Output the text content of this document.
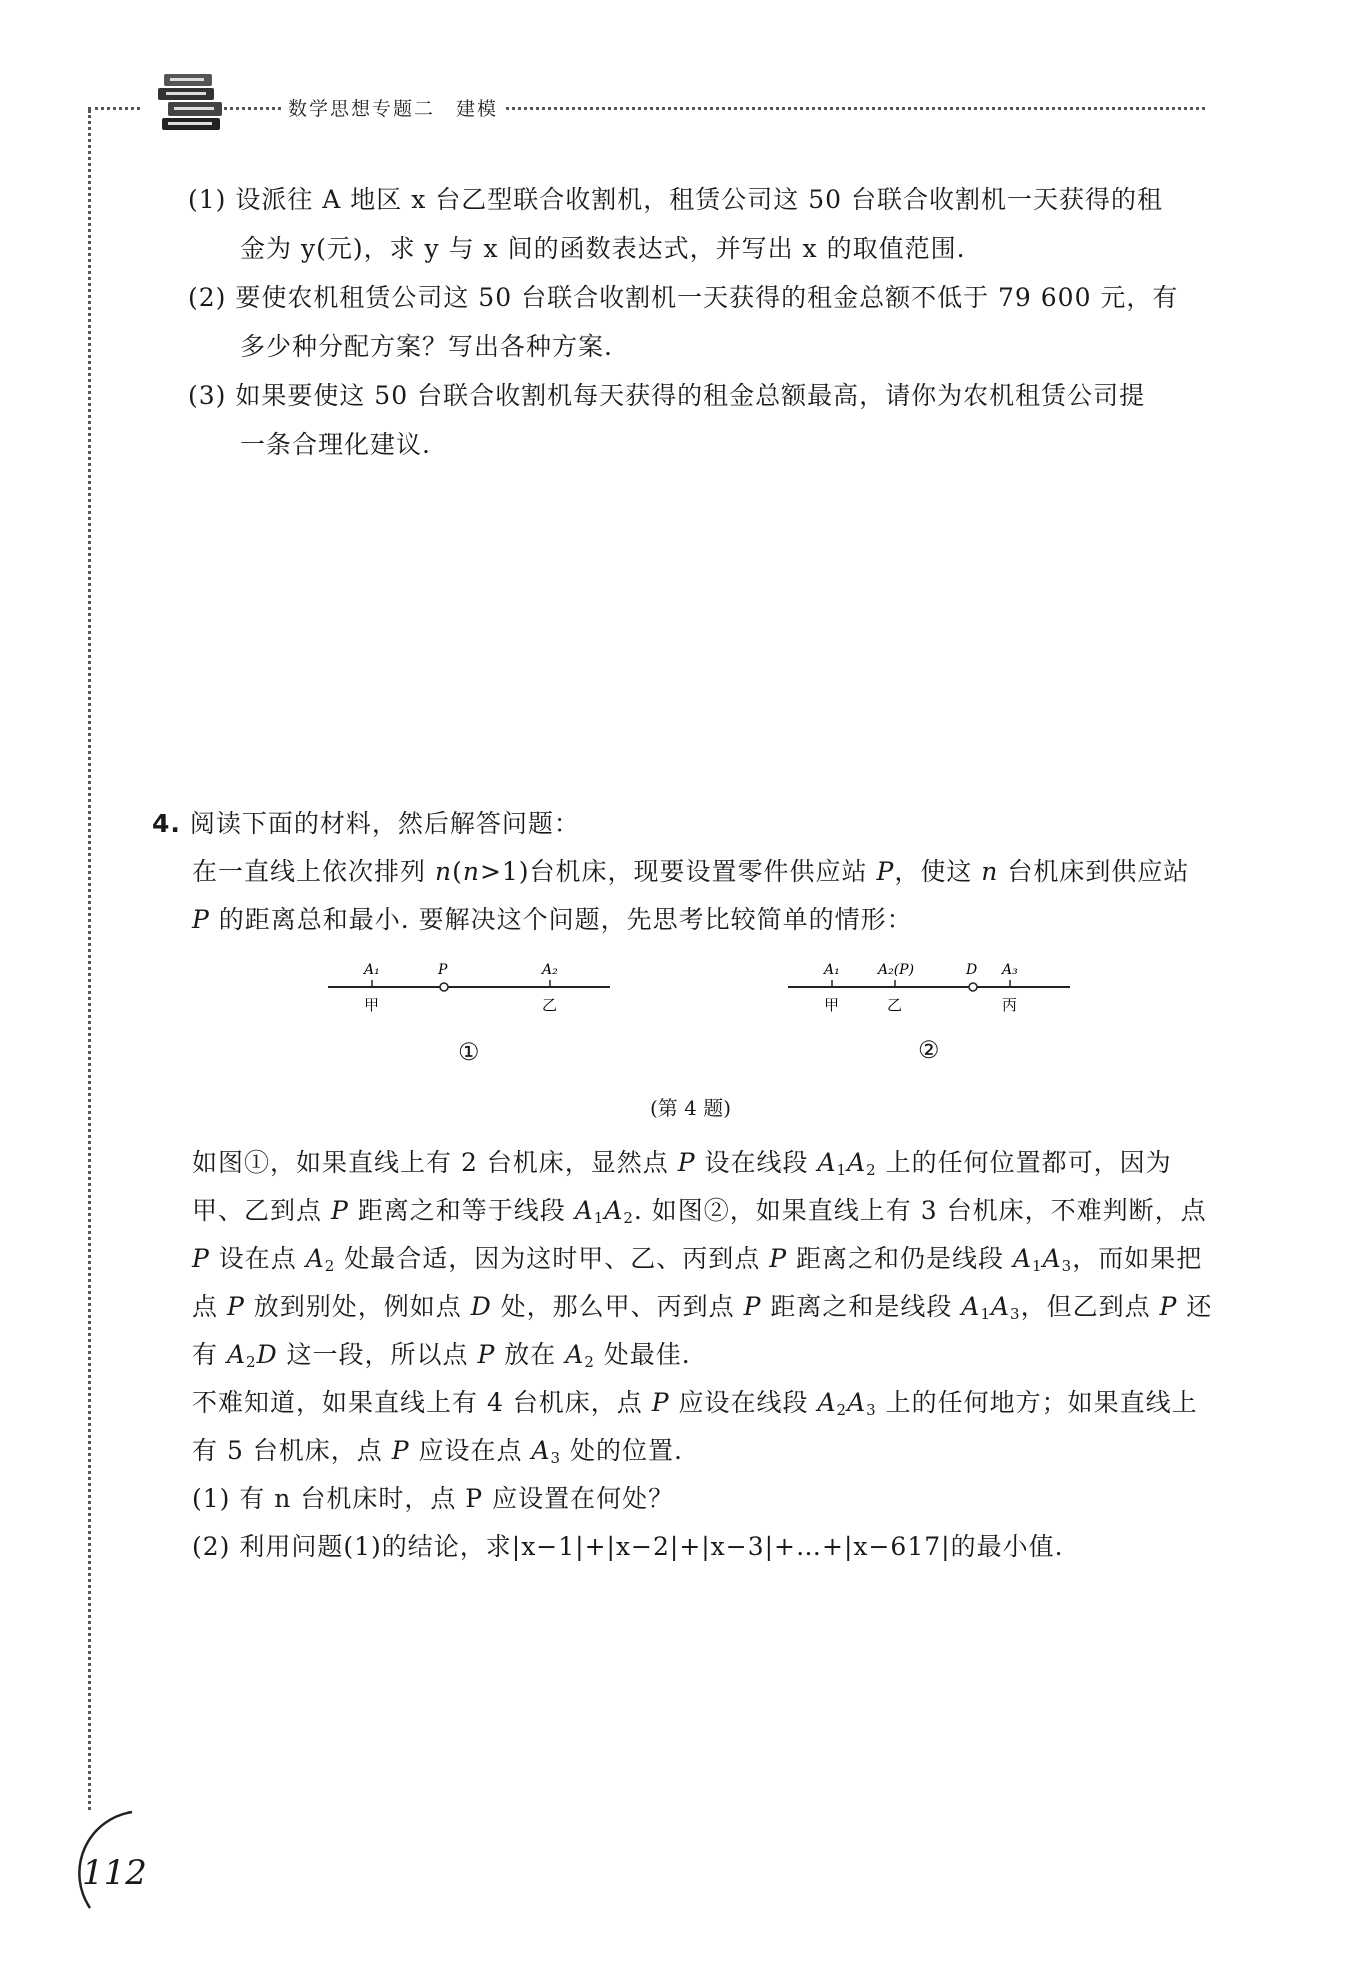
数学思想专题二　建模
(1) 设派往 A 地区 x 台乙型联合收割机，租赁公司这 50 台联合收割机一天获得的租
金为 y(元)，求 y 与 x 间的函数表达式，并写出 x 的取值范围.
(2) 要使农机租赁公司这 50 台联合收割机一天获得的租金总额不低于 79 600 元，有
多少种分配方案？写出各种方案.
(3) 如果要使这 50 台联合收割机每天获得的租金总额最高，请你为农机租赁公司提
一条合理化建议.
4. 阅读下面的材料，然后解答问题：
在一直线上依次排列 n(n>1)台机床，现要设置零件供应站 P，使这 n 台机床到供应站
P 的距离总和最小. 要解决这个问题，先思考比较简单的情形：
A₁	P	A₂
甲	乙
①
A₁	A₂(P)	D A₃
甲	乙	丙
②
(第 4 题)
如图①，如果直线上有 2 台机床，显然点 P 设在线段 $A_1A_2$ 上的任何位置都可，因为
甲、乙到点 P 距离之和等于线段 $A_1A_2$. 如图②，如果直线上有 3 台机床，不难判断，点
P 设在点 $A_2$ 处最合适，因为这时甲、乙、丙到点 P 距离之和仍是线段 $A_1A_3$，而如果把
点 P 放到别处，例如点 D 处，那么甲、丙到点 P 距离之和是线段 $A_1A_3$，但乙到点 P 还
有 $A_2D$ 这一段，所以点 P 放在 $A_2$ 处最佳.
不难知道，如果直线上有 4 台机床，点 P 应设在线段 $A_2A_3$ 上的任何地方；如果直线上
有 5 台机床，点 P 应设在点 $A_3$ 处的位置.
(1) 有 n 台机床时，点 P 应设置在何处？
(2) 利用问题(1)的结论，求|x−1|+|x−2|+|x−3|+…+|x−617|的最小值.
112
